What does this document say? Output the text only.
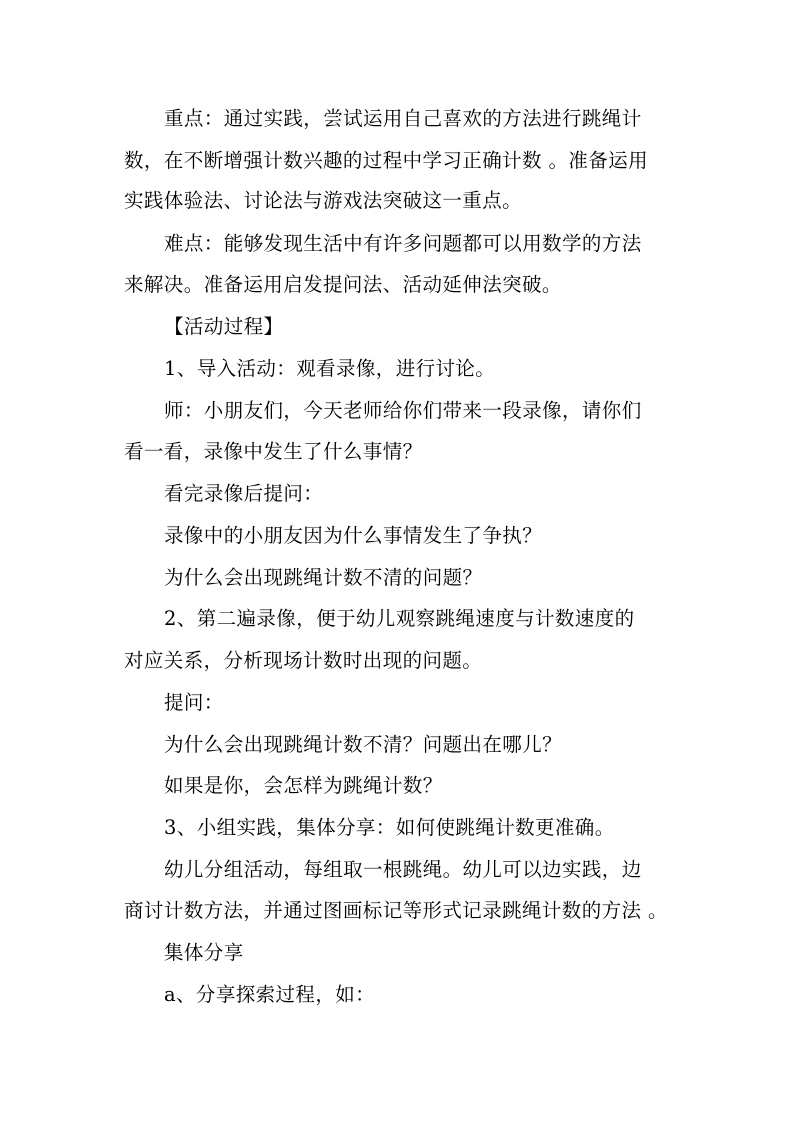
重点：通过实践，尝试运用自己喜欢的方法进行跳绳计
数，在不断增强计数兴趣的过程中学习正确计数 。准备运用
实践体验法、讨论法与游戏法突破这一重点。
难点：能够发现生活中有许多问题都可以用数学的方法
来解决。准备运用启发提问法、活动延伸法突破。
【活动过程】
1、导入活动：观看录像，进行讨论。
师：小朋友们，今天老师给你们带来一段录像，请你们
看一看，录像中发生了什么事情？
看完录像后提问：
录像中的小朋友因为什么事情发生了争执？
为什么会出现跳绳计数不清的问题？
2、第二遍录像，便于幼儿观察跳绳速度与计数速度的
对应关系，分析现场计数时出现的问题。
提问：
为什么会出现跳绳计数不清？问题出在哪儿？
如果是你，会怎样为跳绳计数？
3、小组实践，集体分享：如何使跳绳计数更准确。
幼儿分组活动，每组取一根跳绳。幼儿可以边实践，边
商讨计数方法，并通过图画标记等形式记录跳绳计数的方法 。
集体分享
a、分享探索过程，如：
